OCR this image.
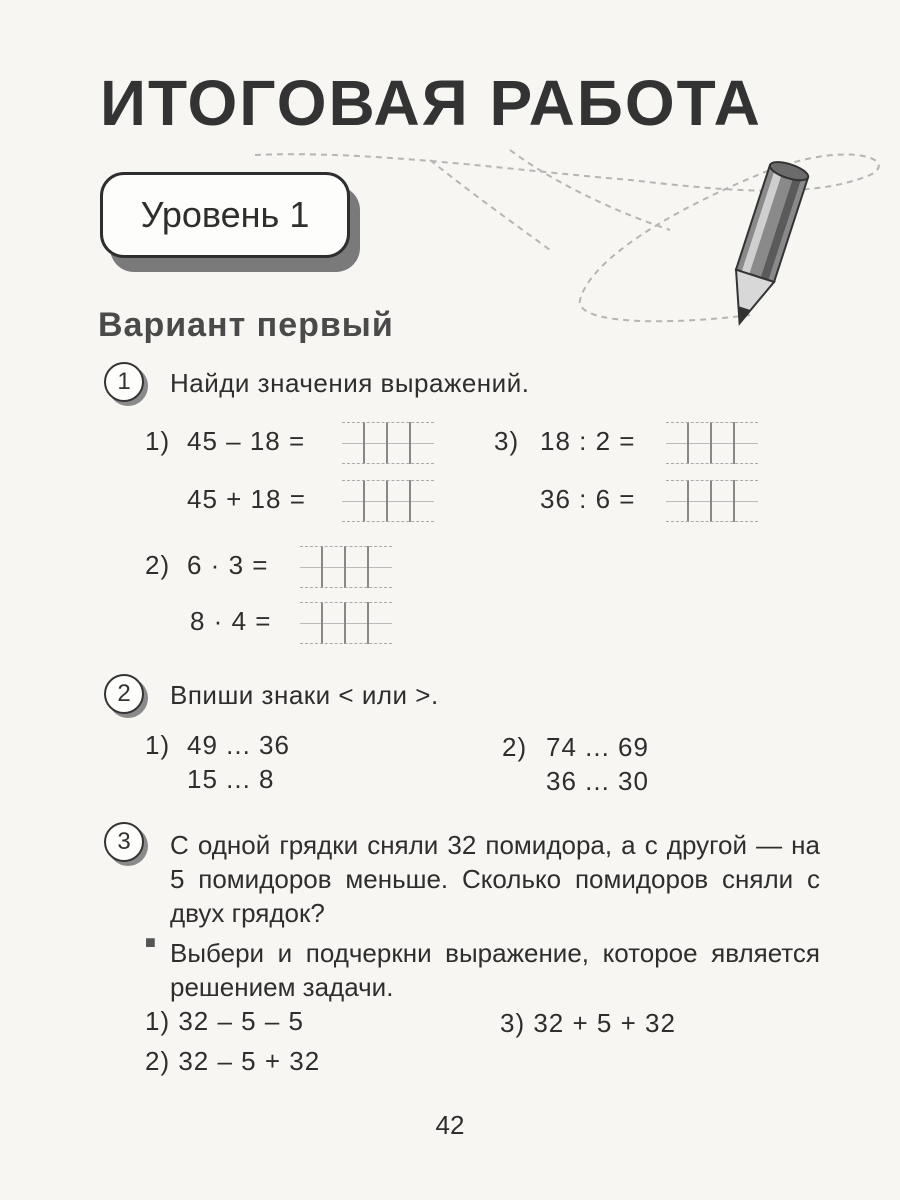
ИТОГОВАЯ РАБОТА
Уровень 1
Вариант первый
1	Найди значения выражений.
1) 45 – 18 =
45 + 18 =
3) 18 : 2 =
36 : 6 =
2) 6 · 3 =
8 · 4 =
2	Впиши знаки < или >.
1) 49 ... 36
15 ... 8
2) 74 ... 69
36 ... 30
3	С одной грядки сняли 32 помидора, а с другой — на 5 помидоров меньше. Сколько помидоров сняли с двух грядок?
■ Выбери и подчеркни выражение, которое является решением задачи.
1) 32 – 5 – 5	3) 32 + 5 + 32
2) 32 – 5 + 32
42
